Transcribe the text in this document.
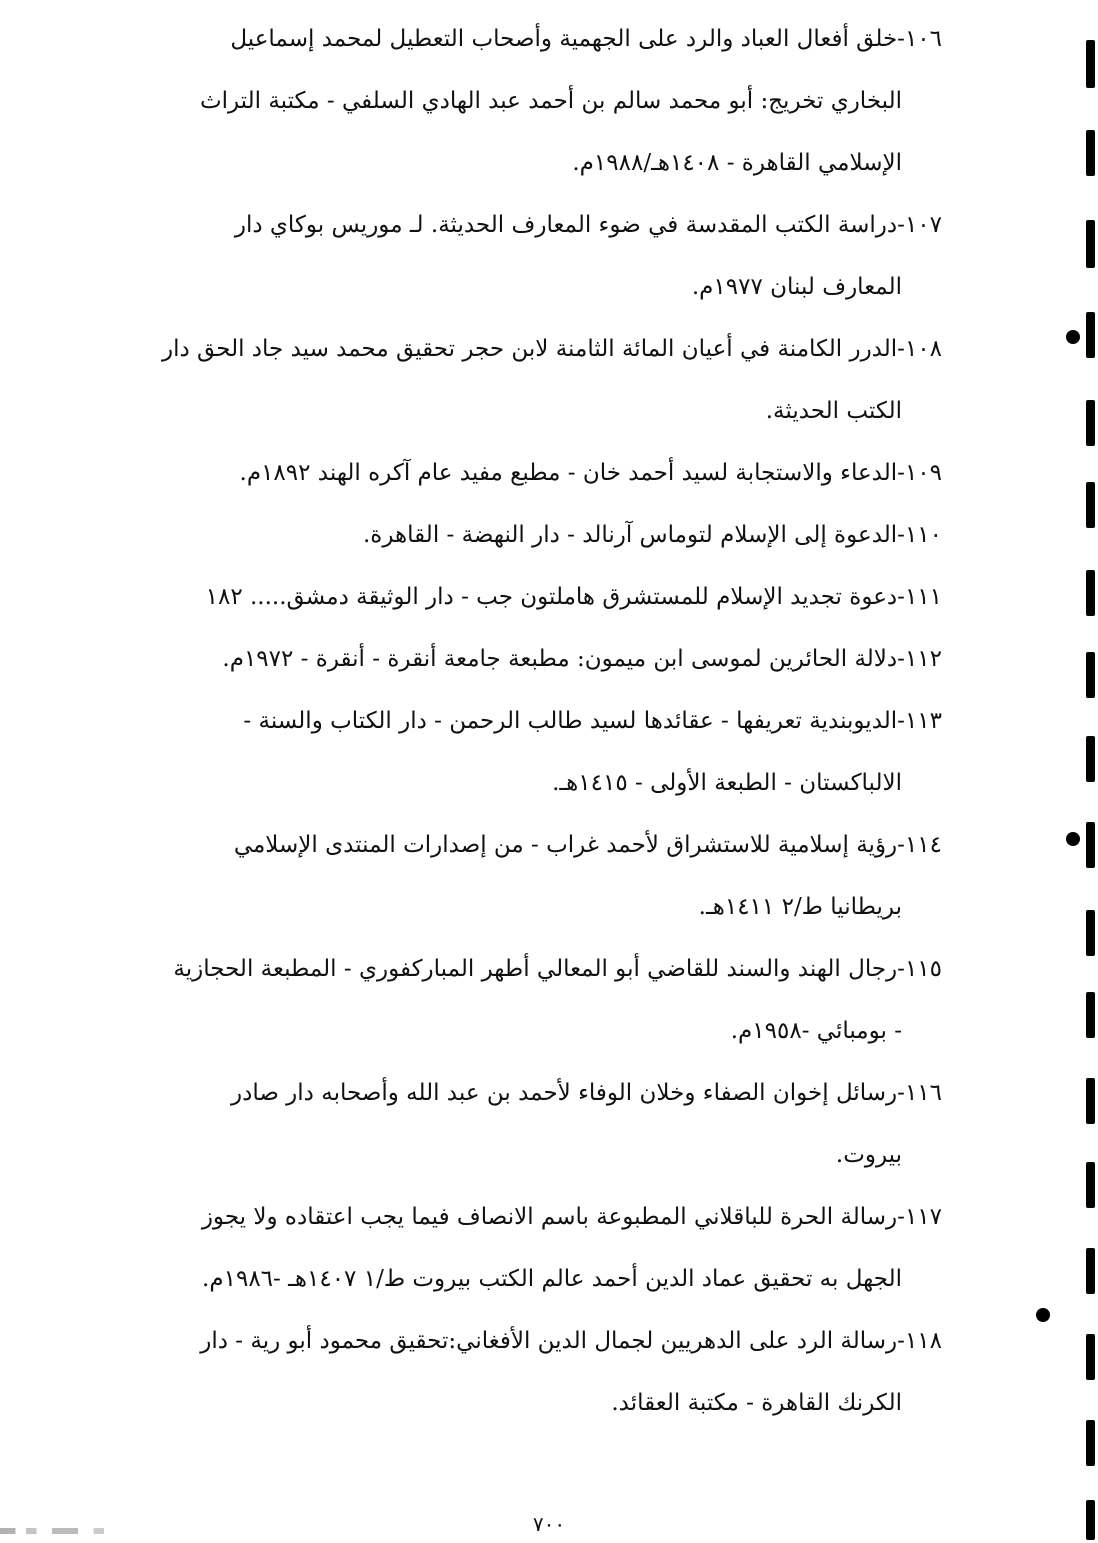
١٠٦-خلق أفعال العباد والرد على الجهمية وأصحاب التعطيل لمحمد إسماعيل

البخاري تخريج: أبو محمد سالم بن أحمد عبد الهادي السلفي - مكتبة التراث

الإسلامي القاهرة - ١٤٠٨هـ/١٩٨٨م.

١٠٧-دراسة الكتب المقدسة في ضوء المعارف الحديثة. لـ موريس بوكاي دار

المعارف لبنان ١٩٧٧م.

١٠٨-الدرر الكامنة في أعيان المائة الثامنة لابن حجر تحقيق محمد سيد جاد الحق دار

الكتب الحديثة.

١٠٩-الدعاء والاستجابة لسيد أحمد خان - مطبع مفيد عام آكره الهند ١٨٩٢م.

١١٠-الدعوة إلى الإسلام لتوماس آرنالد - دار النهضة - القاهرة.

١١١-دعوة تجديد الإسلام للمستشرق هاملتون جب - دار الوثيقة دمشق..... ١٨٢

١١٢-دلالة الحائرين لموسى ابن ميمون: مطبعة جامعة أنقرة - أنقرة - ١٩٧٢م.

١١٣-الديوبندية تعريفها - عقائدها لسيد طالب الرحمن - دار الكتاب والسنة -

الالباكستان - الطبعة الأولى - ١٤١٥هـ.

١١٤-رؤية إسلامية للاستشراق لأحمد غراب - من إصدارات المنتدى الإسلامي

بريطانيا ط/٢ ١٤١١هـ.

١١٥-رجال الهند والسند للقاضي أبو المعالي أطهر المباركفوري - المطبعة الحجازية

- بومبائي -١٩٥٨م.

١١٦-رسائل إخوان الصفاء وخلان الوفاء لأحمد بن عبد الله وأصحابه دار صادر

بيروت.

١١٧-رسالة الحرة للباقلاني المطبوعة باسم الانصاف فيما يجب اعتقاده ولا يجوز

الجهل به تحقيق عماد الدين أحمد عالم الكتب بيروت ط/١ ١٤٠٧هـ -١٩٨٦م.

١١٨-رسالة الرد على الدهريين لجمال الدين الأفغاني:تحقيق محمود أبو رية - دار

الكرنك القاهرة - مكتبة العقائد.

٧٠٠
